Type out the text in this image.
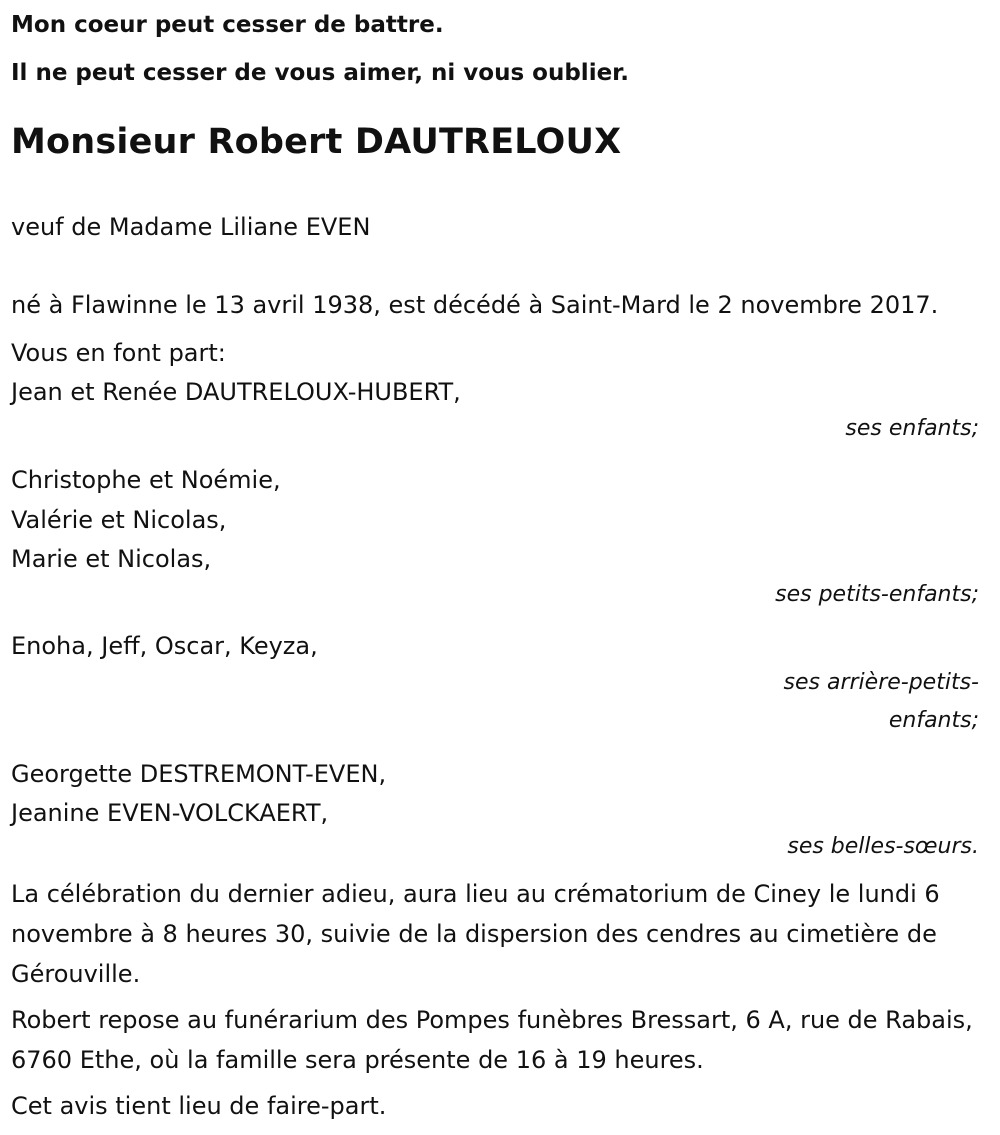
Mon coeur peut cesser de battre.

Il ne peut cesser de vous aimer, ni vous oublier.

Monsieur Robert DAUTRELOUX

veuf de Madame Liliane EVEN

né à Flawinne le 13 avril 1938, est décédé à Saint-Mard le 2 novembre 2017.

Vous en font part:

Jean et Renée DAUTRELOUX-HUBERT,

ses enfants;

Christophe et Noémie,

Valérie et Nicolas,

Marie et Nicolas,

ses petits-enfants;

Enoha, Jeff, Oscar, Keyza,

ses arrière-petits-enfants;

Georgette DESTREMONT-EVEN,

Jeanine EVEN-VOLCKAERT,

ses belles-sœurs.

La célébration du dernier adieu, aura lieu au crématorium de Ciney le lundi 6 novembre à 8 heures 30, suivie de la dispersion des cendres au cimetière de Gérouville.

Robert repose au funérarium des Pompes funèbres Bressart, 6 A, rue de Rabais, 6760 Ethe, où la famille sera présente de 16 à 19 heures.

Cet avis tient lieu de faire-part.
